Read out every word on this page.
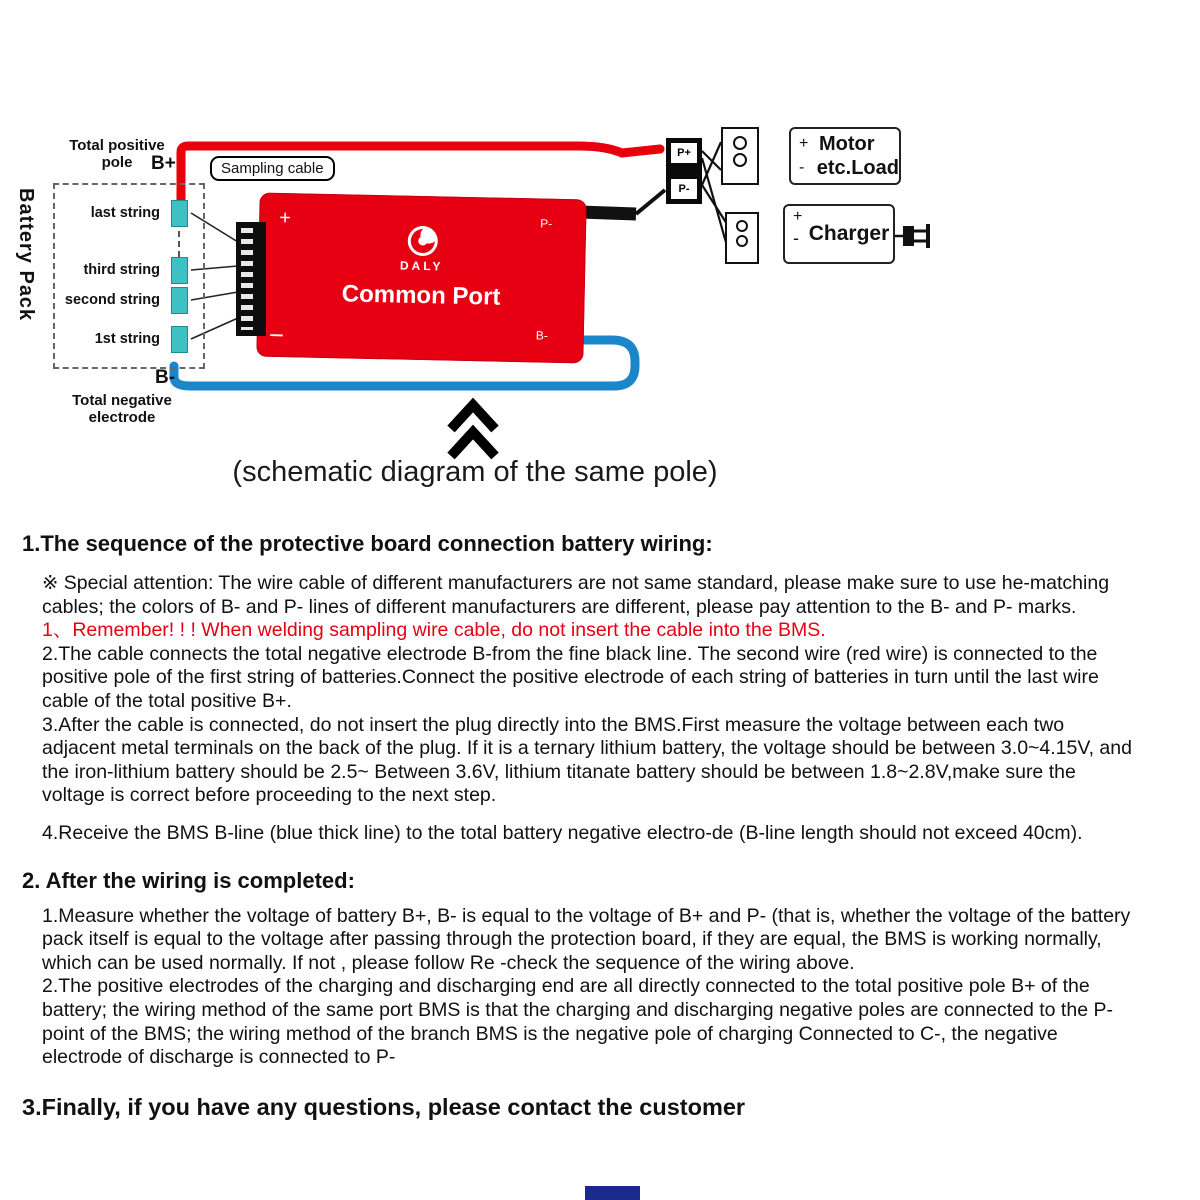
Battery Pack	last string
third string
second string
1st string
Total positive pole B+	Sampling cable
B-
Total negative electrode
+
−
P-
B-
DALY
Common Port
P+
P-
+ Motor
- etc.Load
+
- Charger
(schematic diagram of the same pole)
1.The sequence of the protective board connection battery wiring:

※ Special attention: The wire cable of different manufacturers are not same standard, please make sure to use he-matching cables; the colors of B- and P- lines of different manufacturers are different, please pay attention to the B- and P- marks.

1、Remember! ! ! When welding sampling wire cable, do not insert the cable into the BMS.

2.The cable connects the total negative electrode B-from the fine black line. The second wire (red wire) is connected to the positive pole of the first string of batteries.Connect the positive electrode of each string of batteries in turn until the last wire cable of the total positive B+.

3.After the cable is connected, do not insert the plug directly into the BMS.First measure the voltage between each two adjacent metal terminals on the back of the plug. If it is a ternary lithium battery, the voltage should be between 3.0~4.15V, and the iron-lithium battery should be 2.5~ Between 3.6V, lithium titanate battery should be between 1.8~2.8V,make sure the voltage is correct before proceeding to the next step.

4.Receive the BMS B-line (blue thick line) to the total battery negative electro-de (B-line length should not exceed 40cm).

2. After the wiring is completed:

1.Measure whether the voltage of battery B+, B- is equal to the voltage of B+ and P- (that is, whether the voltage of the battery pack itself is equal to the voltage after passing through the protection board, if they are equal, the BMS is working normally, which can be used normally. If not , please follow Re -check the sequence of the wiring above.

2.The positive electrodes of the charging and discharging end are all directly connected to the total positive pole B+ of the battery; the wiring method of the same port BMS is that the charging and discharging negative poles are connected to the P- point of the BMS; the wiring method of the branch BMS is the negative pole of charging Connected to C-, the negative electrode of discharge is connected to P-

3.Finally, if you have any questions, please contact the customer
